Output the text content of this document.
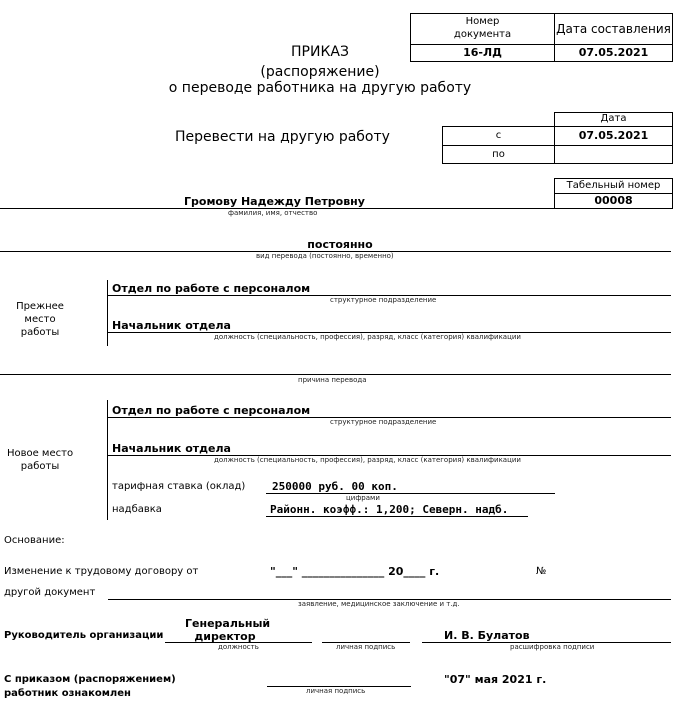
Номер документа	Дата составления
16-ЛД	07.05.2021
ПРИКАЗ
(распоряжение)
о переводе работника на другую работу
Перевести на другую работу
Дата
с	07.05.2021
по
Табельный номер
00008
Громову Надежду Петровну
фамилия, имя, отчество
постоянно
вид перевода (постоянно, временно)
Прежнее место работы
Отдел по работе с персоналом
структурное подразделение
Начальник отдела
должность (специальность, профессия), разряд, класс (категория) квалификации
причина перевода
Новое место работы
Отдел по работе с персоналом
структурное подразделение
Начальник отдела
должность (специальность, профессия), разряд, класс (категория) квалификации
тарифная ставка (оклад) 250000 руб. 00 коп.
цифрами
надбавка	Районн. коэфф.: 1,200; Северн. надб.
Основание:
Изменение к трудовому договору от	"___" _______________ 20____ г.	№
другой документ
заявление, медицинское заключение и т.д.
Руководитель организации
Генеральный директор
должность	личная подпись
И. В. Булатов
расшифровка подписи
С приказом (распоряжением)
работник ознакомлен	личная подпись
"07" мая 2021 г.
